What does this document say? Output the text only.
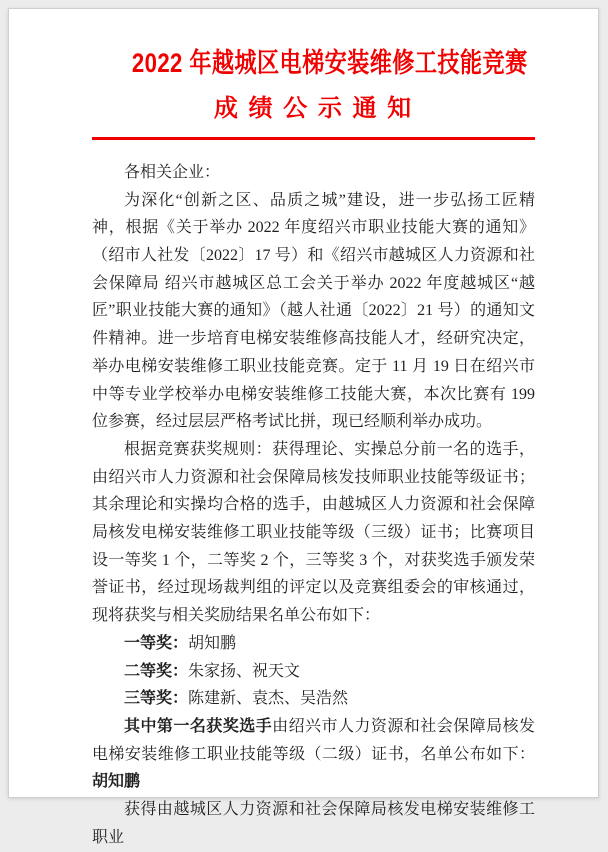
2022 年越城区电梯安装维修工技能竞赛
成 绩 公 示 通 知

各相关企业：

为深化“创新之区、品质之城”建设，进一步弘扬工匠精神，根据《关于举办 2022 年度绍兴市职业技能大赛的通知》（绍市人社发〔2022〕17 号）和《绍兴市越城区人力资源和社会保障局 绍兴市越城区总工会关于举办 2022 年度越城区“越匠”职业技能大赛的通知》（越人社通〔2022〕21 号）的通知文件精神。进一步培育电梯安装维修高技能人才，经研究决定，举办电梯安装维修工职业技能竞赛。定于 11 月 19 日在绍兴市中等专业学校举办电梯安装维修工技能大赛，本次比赛有 199 位参赛，经过层层严格考试比拼，现已经顺利举办成功。

根据竞赛获奖规则：获得理论、实操总分前一名的选手，由绍兴市人力资源和社会保障局核发技师职业技能等级证书；其余理论和实操均合格的选手，由越城区人力资源和社会保障局核发电梯安装维修工职业技能等级（三级）证书；比赛项目设一等奖 1 个，二等奖 2 个，三等奖 3 个，对获奖选手颁发荣誉证书，经过现场裁判组的评定以及竞赛组委会的审核通过，现将获奖与相关奖励结果名单公布如下：

一等奖：胡知鹏

二等奖：朱家扬、祝天文

三等奖：陈建新、袁杰、吴浩然

其中第一名获奖选手由绍兴市人力资源和社会保障局核发电梯安装维修工职业技能等级（二级）证书，名单公布如下：胡知鹏

获得由越城区人力资源和社会保障局核发电梯安装维修工职业
